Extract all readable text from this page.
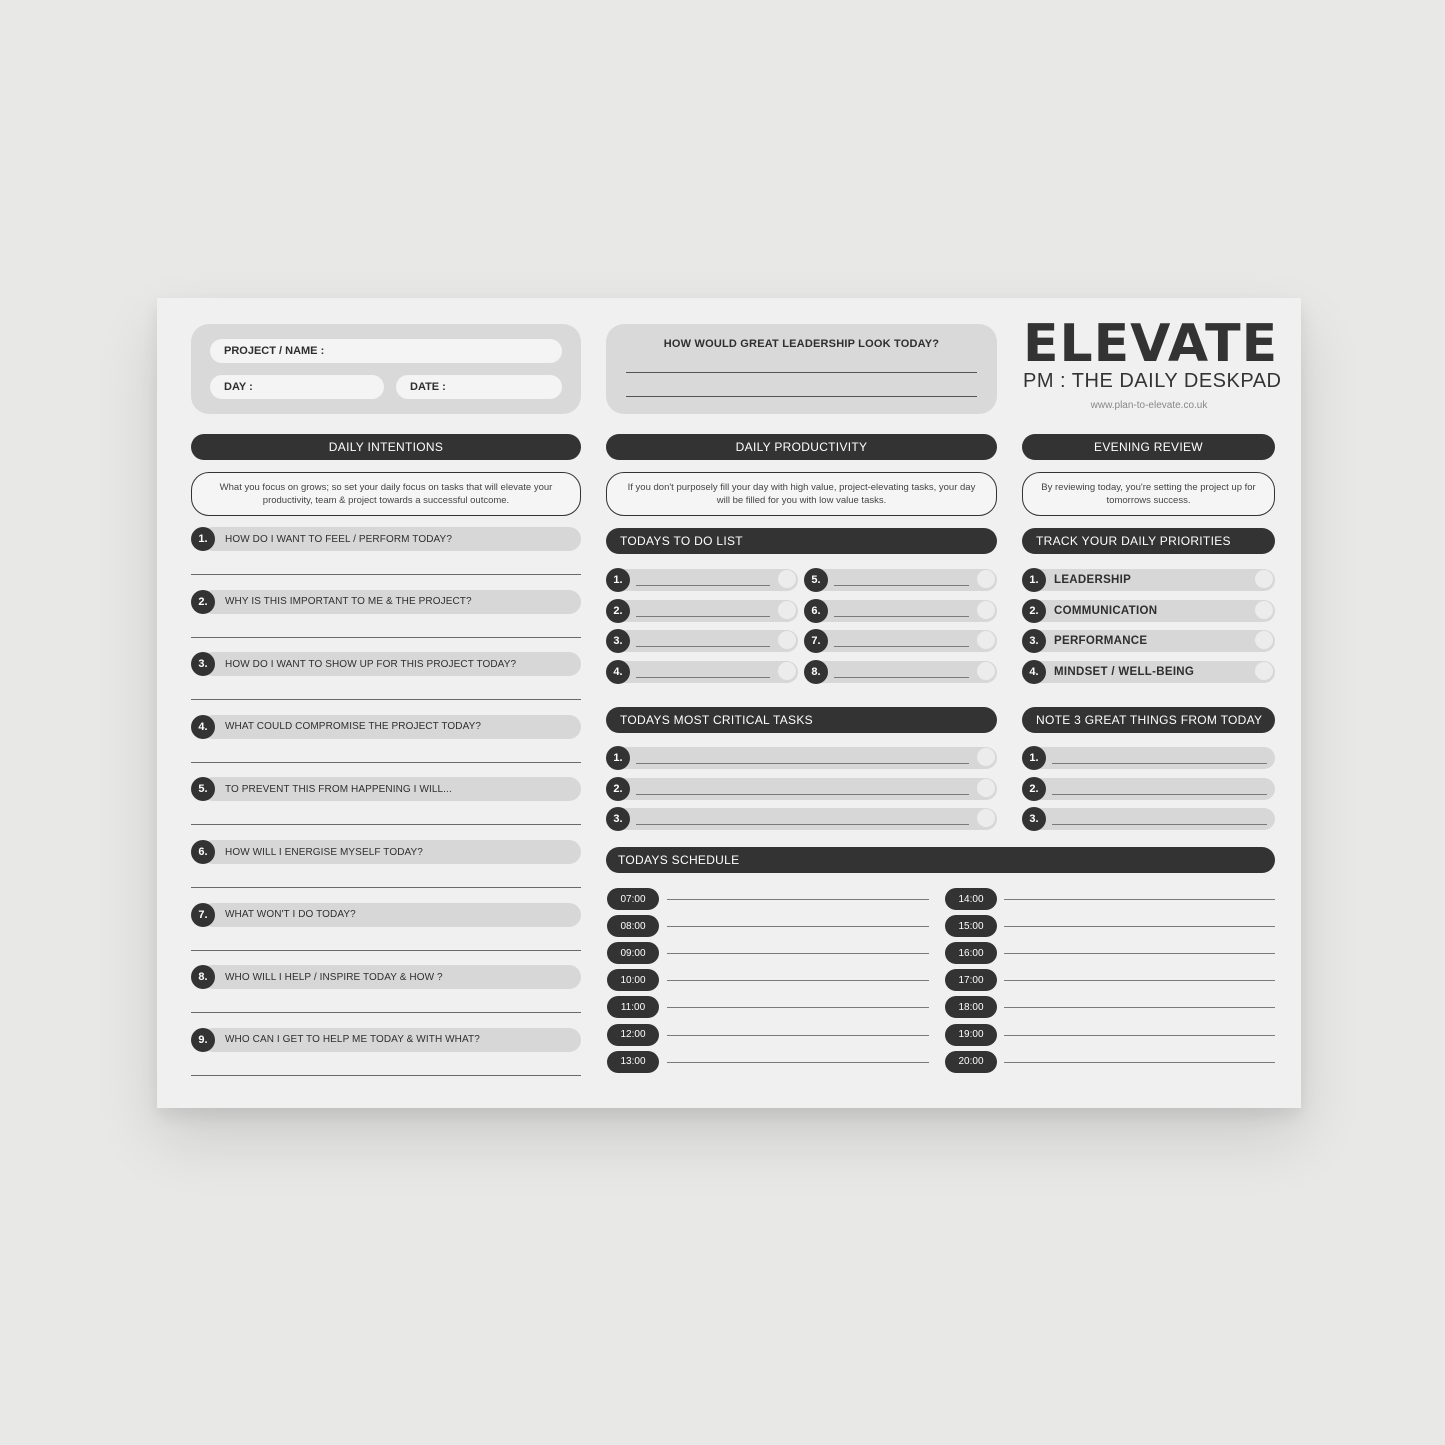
PROJECT / NAME :
DAY :	DATE :
HOW WOULD GREAT LEADERSHIP LOOK TODAY?	ELEVATE
PM : THE DAILY DESKPAD
www.plan-to-elevate.co.uk
DAILY INTENTIONS	DAILY PRODUCTIVITY	EVENING REVIEW
What you focus on grows; so set your daily focus on tasks that will elevate your productivity, team & project towards a successful outcome.
If you don't purposely fill your day with high value, project-elevating tasks, your day will be filled for you with low value tasks.
By reviewing today, you're setting the project up for tomorrows success.
HOW DO I WANT TO FEEL / PERFORM TODAY?
1.
WHY IS THIS IMPORTANT TO ME & THE PROJECT?
2.
HOW DO I WANT TO SHOW UP FOR THIS PROJECT TODAY?
3.
WHAT COULD COMPROMISE THE PROJECT TODAY?
4.
TO PREVENT THIS FROM HAPPENING I WILL...
5.
HOW WILL I ENERGISE MYSELF TODAY?
6.
WHAT WON'T I DO TODAY?
7.
WHO WILL I HELP / INSPIRE TODAY & HOW ?
8.
WHO CAN I GET TO HELP ME TODAY & WITH WHAT?
9.
TODAYS TO DO LIST
1.
2.
3.
4.
5.
6.
7.
8.
TRACK YOUR DAILY PRIORITIES
1.	LEADERSHIP
2.	COMMUNICATION
3.	PERFORMANCE
4.	MINDSET / WELL-BEING
TODAYS MOST CRITICAL TASKS
1.
2.
3.
NOTE 3 GREAT THINGS FROM TODAY
1.
2.
3.
TODAYS SCHEDULE
07:00
08:00
09:00
10:00
11:00
12:00
13:00
14:00
15:00
16:00
17:00
18:00
19:00
20:00
